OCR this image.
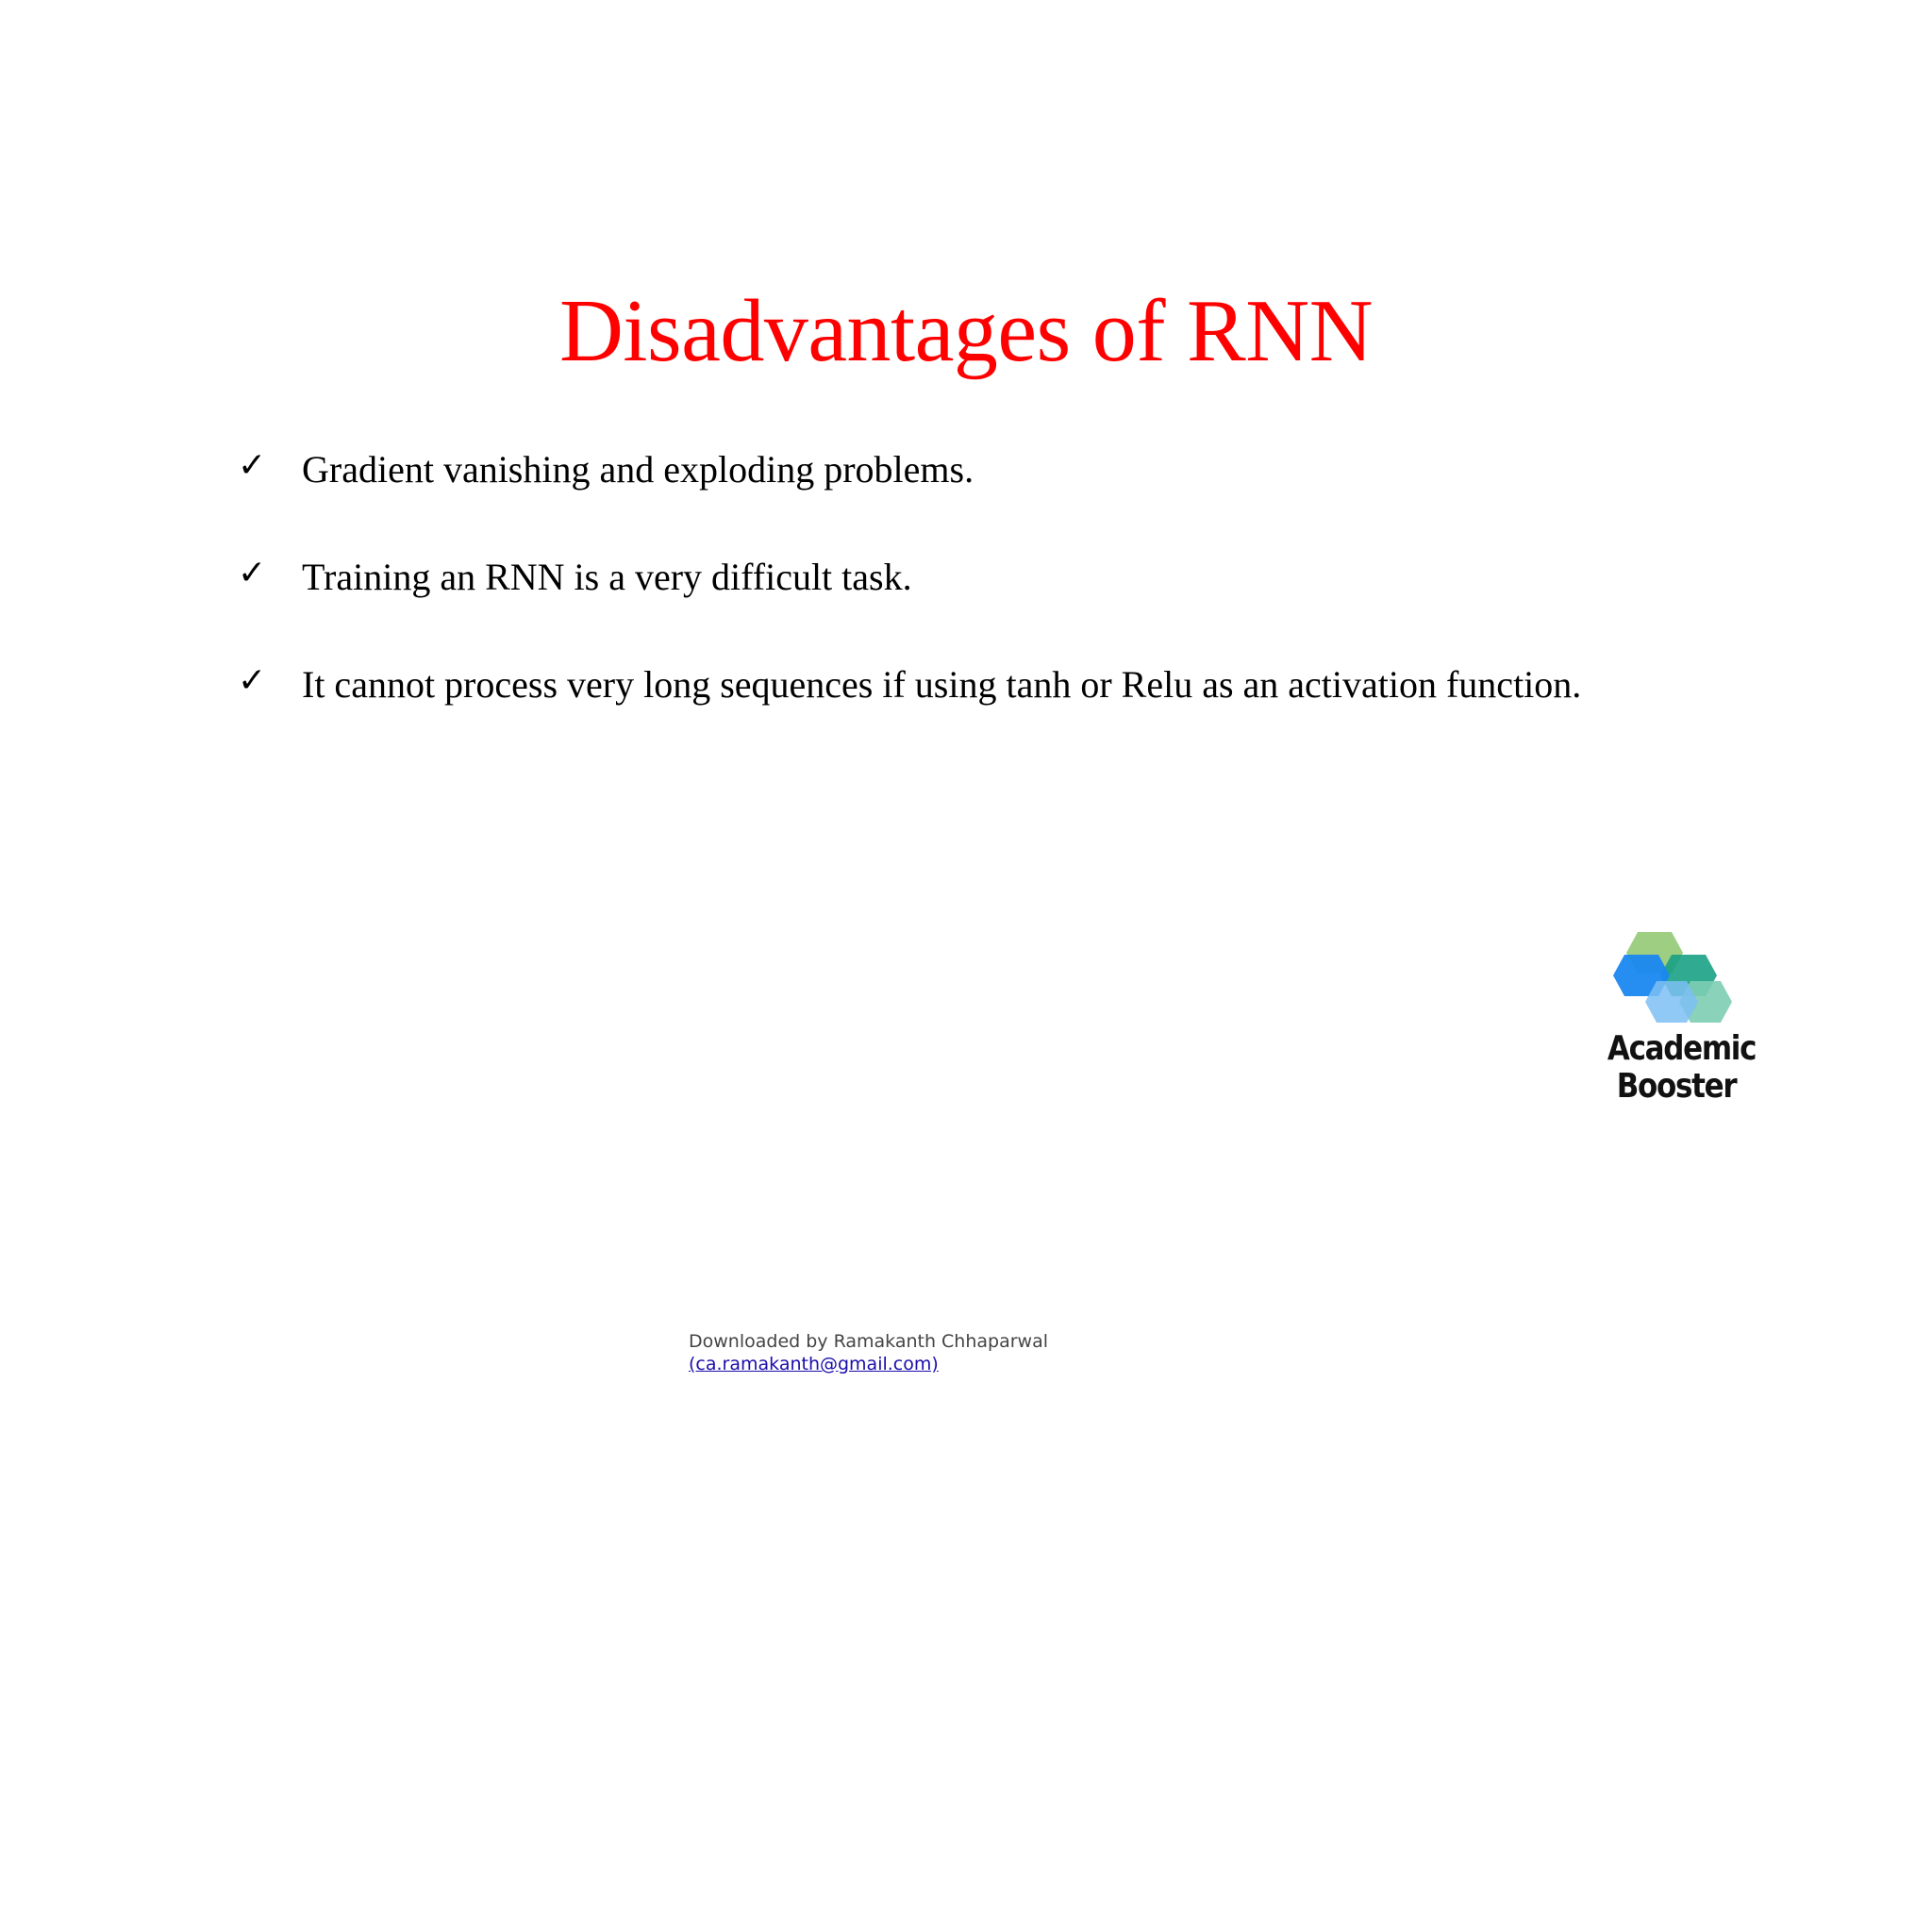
Disadvantages of RNN
✓ Gradient vanishing and exploding problems.
✓ Training an RNN is a very difficult task.
✓ It cannot process very long sequences if using tanh or Relu as an activation function.
Academic
Booster
Downloaded by Ramakanth Chhaparwal
(ca.ramakanth@gmail.com)
